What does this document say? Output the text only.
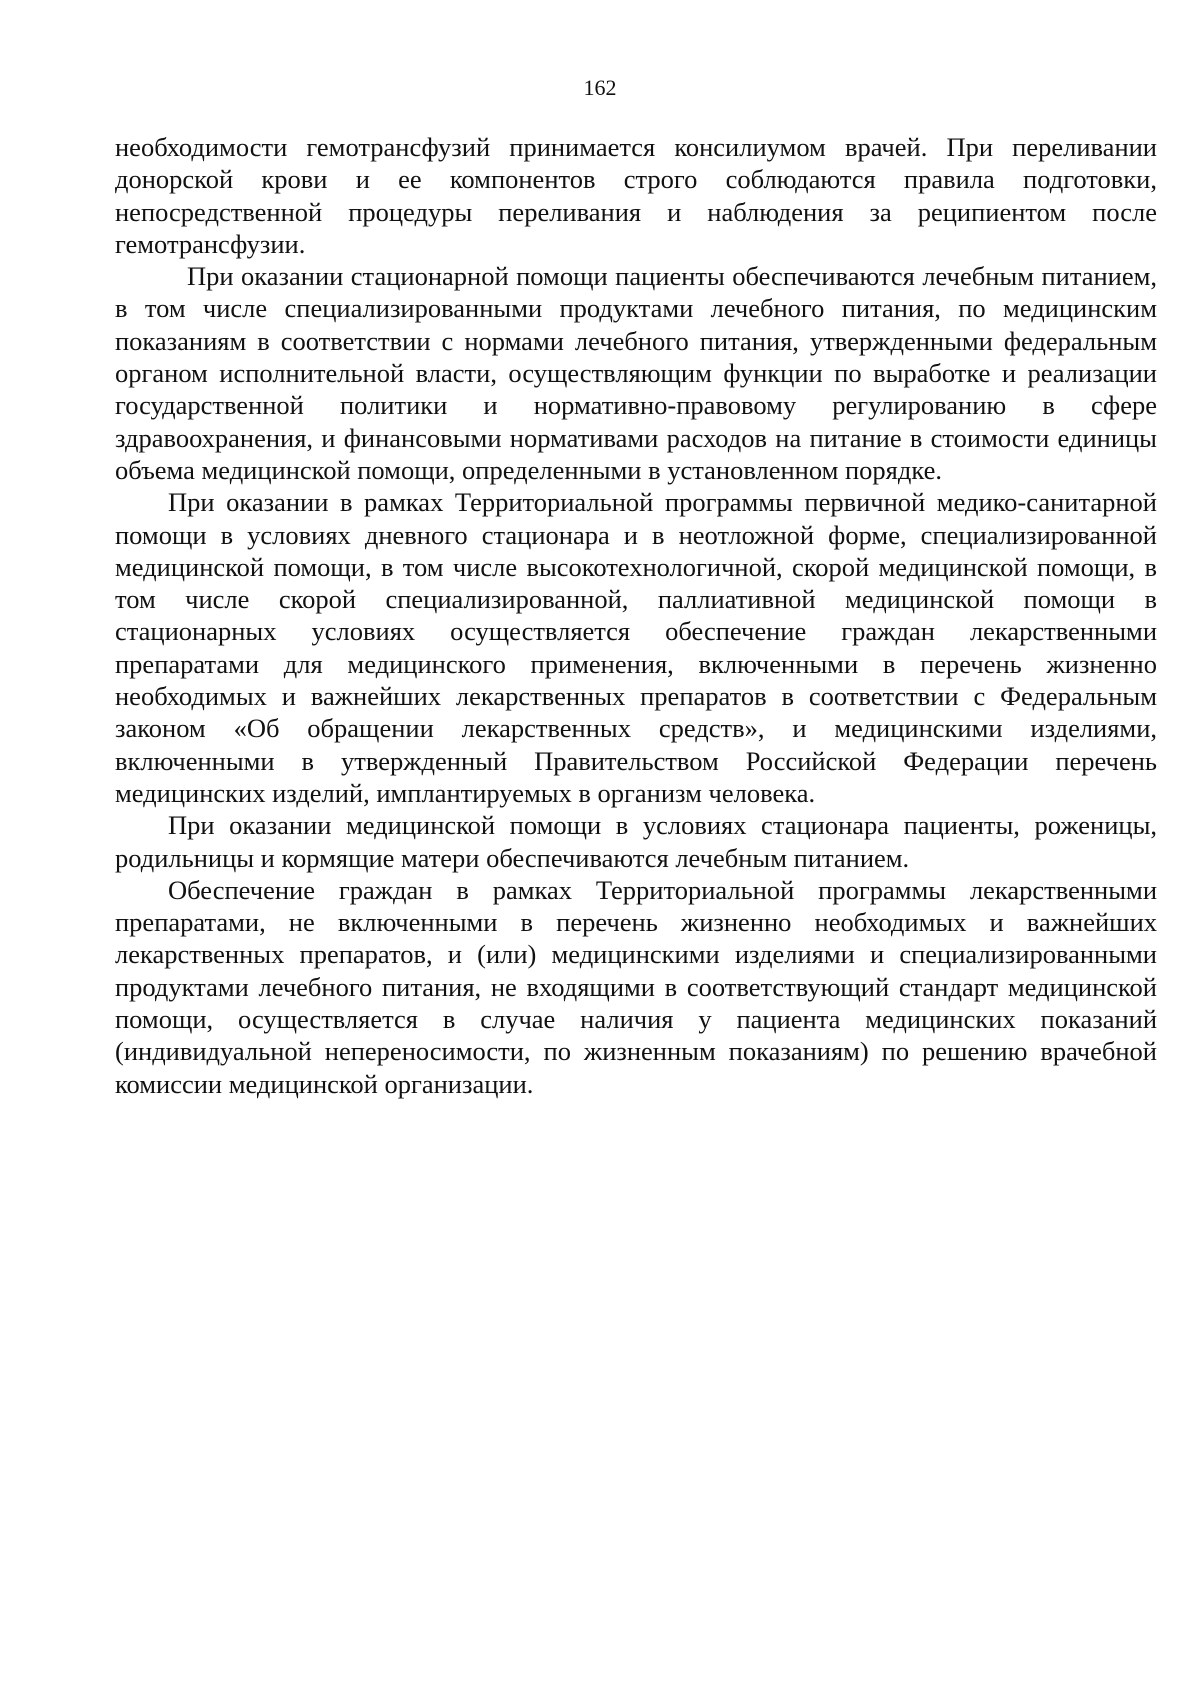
162

необходимости гемотрансфузий принимается консилиумом врачей. При переливании донорской крови и ее компонентов строго соблюдаются правила подготовки, непосредственной процедуры переливания и наблюдения за реципиентом после гемотрансфузии.

При оказании стационарной помощи пациенты обеспечиваются лечебным питанием, в том числе специализированными продуктами лечебного питания, по медицинским показаниям в соответствии с нормами лечебного питания, утвержденными федеральным органом исполнительной власти, осуществляющим функции по выработке и реализации государственной политики и нормативно-правовому регулированию в сфере здравоохранения, и финансовыми нормативами расходов на питание в стоимости единицы объема медицинской помощи, определенными в установленном порядке.

При оказании в рамках Территориальной программы первичной медико-санитарной помощи в условиях дневного стационара и в неотложной форме, специализированной медицинской помощи, в том числе высокотехнологичной, скорой медицинской помощи, в том числе скорой специализированной, паллиативной медицинской помощи в стационарных условиях осуществляется обеспечение граждан лекарственными препаратами для медицинского применения, включенными в перечень жизненно необходимых и важнейших лекарственных препаратов в соответствии с Федеральным законом «Об обращении лекарственных средств», и медицинскими изделиями, включенными в утвержденный Правительством Российской Федерации перечень медицинских изделий, имплантируемых в организм человека.

При оказании медицинской помощи в условиях стационара пациенты, роженицы, родильницы и кормящие матери обеспечиваются лечебным питанием.

Обеспечение граждан в рамках Территориальной программы лекарственными препаратами, не включенными в перечень жизненно необходимых и важнейших лекарственных препаратов, и (или) медицинскими изделиями и специализированными продуктами лечебного питания, не входящими в соответствующий стандарт медицинской помощи, осуществляется в случае наличия у пациента медицинских показаний (индивидуальной непереносимости, по жизненным показаниям) по решению врачебной комиссии медицинской организации.
